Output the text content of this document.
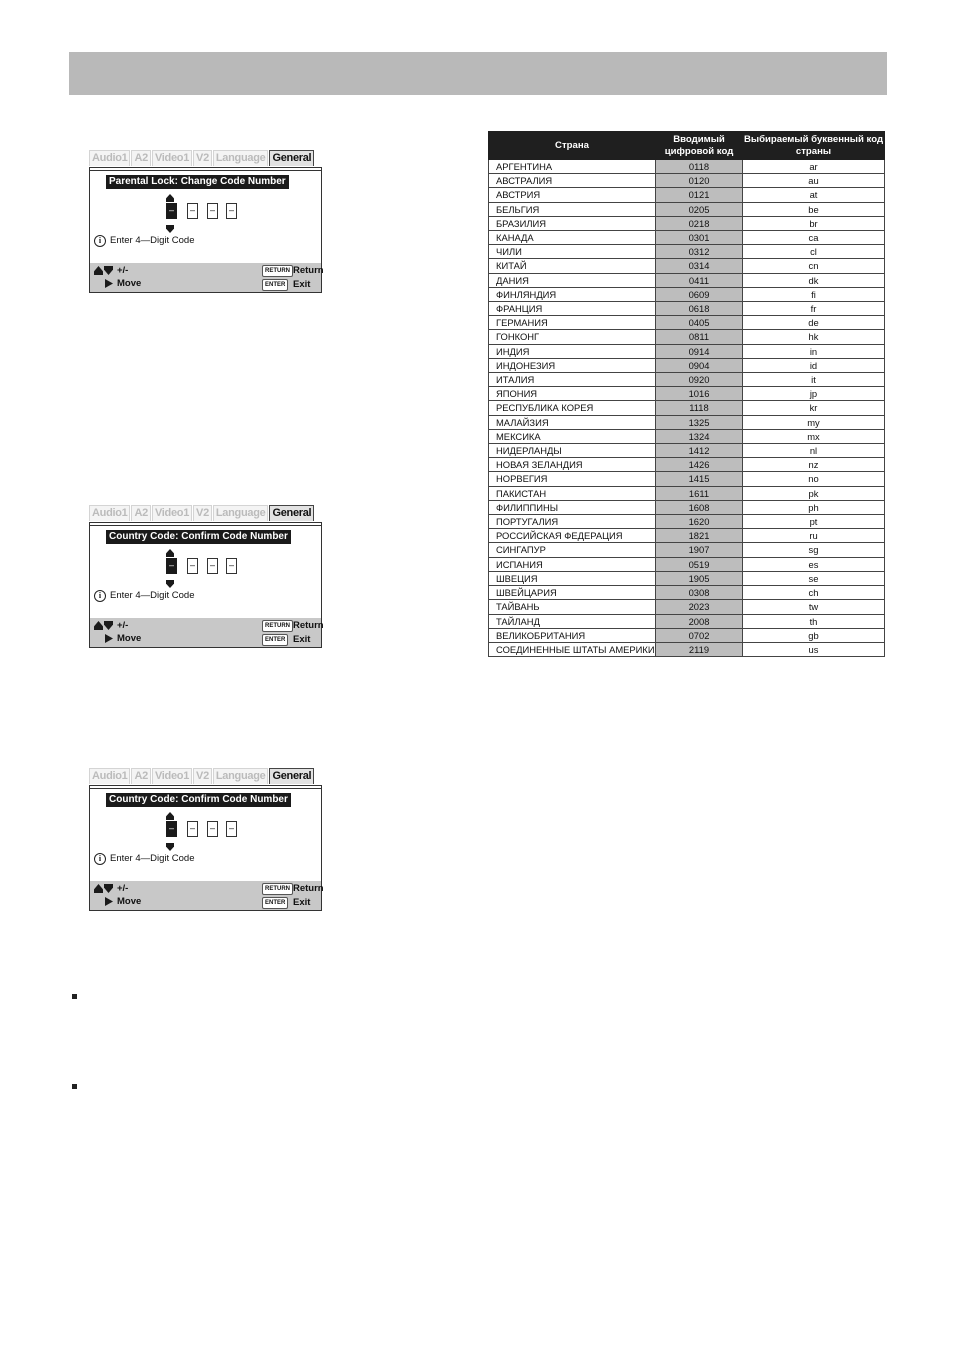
Audio1 A2 Video1 V2 Language General
Parental Lock: Change Code Number
–	–	–	–
i Enter 4—Digit Code
+/-
Move
RETURN Return
ENTER Exit
Audio1 A2 Video1 V2 Language General
Country Code: Confirm Code Number
–	–	–	–
i Enter 4—Digit Code
+/-
Move
RETURN Return
ENTER Exit
Audio1 A2 Video1 V2 Language General
Country Code: Confirm Code Number
–	–	–	–
i Enter 4—Digit Code
+/-
Move
RETURN Return
ENTER Exit
Страна	Вводимый цифровой код	Выбираемый буквенный код страны
АРГЕНТИНА	0118	ar
АВСТРАЛИЯ	0120	au
АВСТРИЯ	0121	at
БЕЛЬГИЯ	0205	be
БРАЗИЛИЯ	0218	br
КАНАДА	0301	ca
ЧИЛИ	0312	cl
КИТАЙ	0314	cn
ДАНИЯ	0411	dk
ФИНЛЯНДИЯ	0609	fi
ФРАНЦИЯ	0618	fr
ГЕРМАНИЯ	0405	de
ГОНКОНГ	0811	hk
ИНДИЯ	0914	in
ИНДОНЕЗИЯ	0904	id
ИТАЛИЯ	0920	it
ЯПОНИЯ	1016	jp
РЕСПУБЛИКА КОРЕЯ	1118	kr
МАЛАЙЗИЯ	1325	my
МЕКСИКА	1324	mx
НИДЕРЛАНДЫ	1412	nl
НОВАЯ ЗЕЛАНДИЯ	1426	nz
НОРВЕГИЯ	1415	no
ПАКИСТАН	1611	pk
ФИЛИППИНЫ	1608	ph
ПОРТУГАЛИЯ	1620	pt
РОССИЙСКАЯ ФЕДЕРАЦИЯ	1821	ru
СИНГАПУР	1907	sg
ИСПАНИЯ	0519	es
ШВЕЦИЯ	1905	se
ШВЕЙЦАРИЯ	0308	ch
ТАЙВАНЬ	2023	tw
ТАЙЛАНД	2008	th
ВЕЛИКОБРИТАНИЯ	0702	gb
СОЕДИНЕННЫЕ ШТАТЫ АМЕРИКИ	2119	us
